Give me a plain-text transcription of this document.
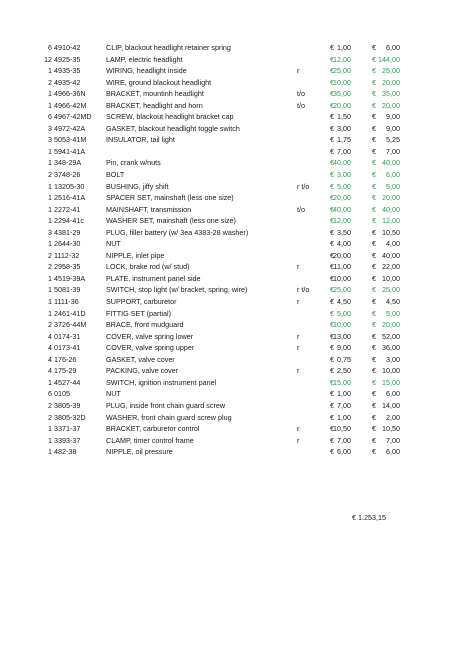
6 4910-42	CLIP, blackout headlight retainer spring	€ 1,00	€	6,00
12 4925-35	LAMP, electric headlight	€ 12,00	€ 144,00
1 4935-35	WIRING, headlight inside	r	€ 25,00	€ 25,00
2 4935-42	WIRE, ground blackout headlight	€ 10,00	€ 20,00
1 4966-36N	BRACKET, mountinh headlight	t/o	€ 35,00	€ 35,00
1 4966-42M	BRACKET, headlight and horn	t/o	€ 20,00	€ 20,00
6 4967-42MD SCREW, blackout headlight bracket cap	€ 1,50	€	9,00
3 4972-42A	GASKET, blackout headlight toggle switch	€ 3,00	€	9,00
3 5053-41M	INSULATOR, tail light	€ 1,75	€	5,25
1 5941-41A	€ 7,00	€	7,00
1 348-29A	Pin, crank w/nuts	€ 40,00	€ 40,00
2 3748-26	BOLT	€ 3,00	€	6,00
1 13205-30	BUSHING, jiffy shift	r t/o	€ 5,00	€	5,00
1 2516-41A	SPACER SET, mainshaft (less one size)	€ 20,00	€ 20,00
1 2272-41	MAINSHAFT, transmission	t/o	€ 40,00	€ 40,00
1 2294-41c	WASHER SET, mainshaft (less one size)	€ 12,00	€ 12,00
3 4381-29	PLUG, filler battery (w/ 3ea 4383-28 washer)	€ 3,50	€ 10,50
1 2644-30	NUT	€ 4,00	€	4,00
2 1112-32	NIPPLE, inlet pipe	€ 20,00	€ 40,00
2 2958-35	LOCK, brake rod (w/ stud)	r	€ 11,00	€ 22,00
1 4519-39A	PLATE, instrument panel side	€ 10,00	€ 10,00
1 5081-39	SWITCH, stop light (w/ bracket, spring, wire)	r t/o	€ 25,00	€ 25,00
1 1111-36	SUPPORT, carburetor	r	€ 4,50	€	4,50
1 2461-41D	FITTIG SET (partial)	€ 5,00	€	5,00
2 3726-44M	BRACE, front mudguard	€ 10,00	€ 20,00
4 0174-31	COVER, valve spring lower	r	€ 13,00	€ 52,00
4 0173-41	COVER, valve spring upper	r	€ 9,00	€ 36,00
4 176-26	GASKET, valve cover	€ 0,75	€	3,00
4 175-29	PACKING, valve cover	r	€ 2,50	€ 10,00
1 4527-44	SWITCH, ignition instrument panel	€ 15,00	€ 15,00
6 0105	NUT	€ 1,00	€	6,00
2 3805-39	PLUG, inside front chain guard screw	€ 7,00	€ 14,00
2 3805-32D	WASHER, front chain guard screw plug	€ 1,00	€	2,00
1 3371-37	BRACKET, carburetor control	r	€ 10,50	€ 10,50
1 3393-37	CLAMP, timer control frame	r	€ 7,00	€	7,00
1 482-38	NIPPLE, oil pressure	€ 6,00	€	6,00
€ 1.253,15
